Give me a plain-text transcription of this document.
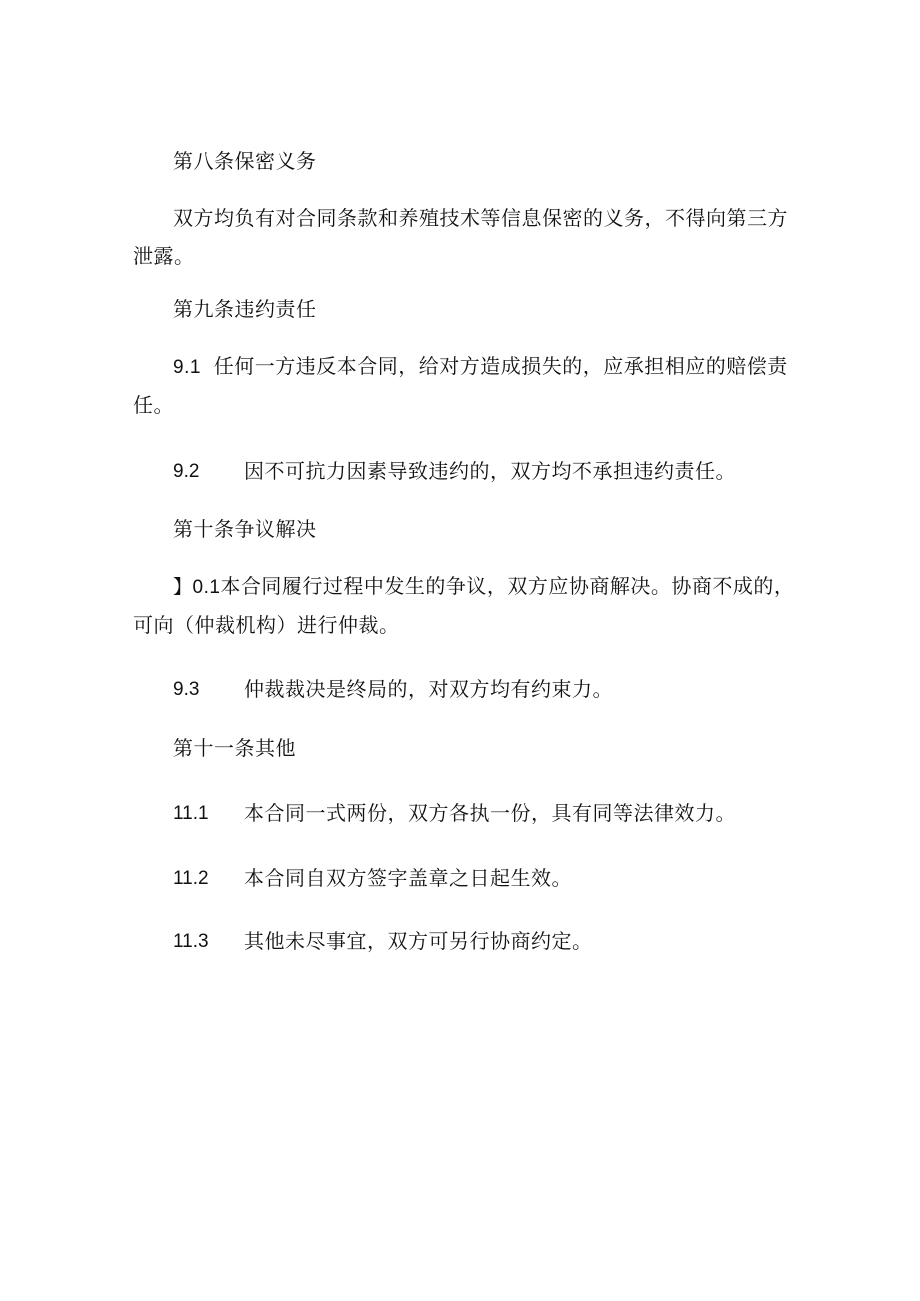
第八条保密义务
双方均负有对合同条款和养殖技术等信息保密的义务，不得向第三方
泄露。
第九条违约责任
9.1 任何一方违反本合同，给对方造成损失的，应承担相应的赔偿责
任。
9.2 因不可抗力因素导致违约的，双方均不承担违约责任。
第十条争议解决
】0.1本合同履行过程中发生的争议，双方应协商解决。协商不成的，
可向（仲裁机构）进行仲裁。
9.3 仲裁裁决是终局的，对双方均有约束力。
第十一条其他
11.1 本合同一式两份，双方各执一份，具有同等法律效力。
11.2 本合同自双方签字盖章之日起生效。
11.3 其他未尽事宜，双方可另行协商约定。
